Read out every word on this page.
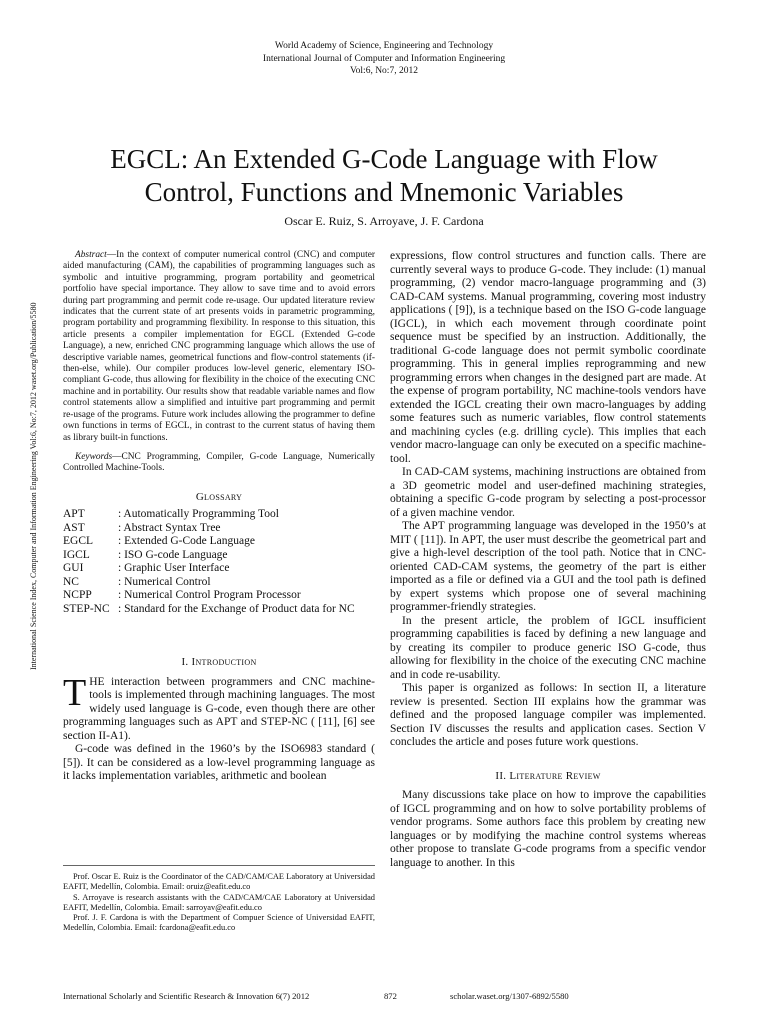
World Academy of Science, Engineering and Technology
International Journal of Computer and Information Engineering
Vol:6, No:7, 2012
EGCL: An Extended G-Code Language with Flow
Control, Functions and Mnemonic Variables
Oscar E. Ruiz, S. Arroyave, J. F. Cardona
International Science Index, Computer and Information Engineering Vol:6, No:7, 2012 waset.org/Publication/5580

Abstract—In the context of computer numerical control (CNC) and computer aided manufacturing (CAM), the capabilities of programming languages such as symbolic and intuitive programming, program portability and geometrical portfolio have special importance. They allow to save time and to avoid errors during part programming and permit code re-usage. Our updated literature review indicates that the current state of art presents voids in parametric programming, program portability and programming flexibility. In response to this situation, this article presents a compiler implementation for EGCL (Extended G-code Language), a new, enriched CNC programming language which allows the use of descriptive variable names, geometrical functions and flow-control statements (if-then-else, while). Our compiler produces low-level generic, elementary ISO-compliant G-code, thus allowing for flexibility in the choice of the executing CNC machine and in portability. Our results show that readable variable names and flow control statements allow a simplified and intuitive part programming and permit re-usage of the programs. Future work includes allowing the programmer to define own functions in terms of EGCL, in contrast to the current status of having them as library built-in functions.

Keywords—CNC Programming, Compiler, G-code Language, Numerically Controlled Machine-Tools.

Glossary
APT	: Automatically Programming Tool
AST	: Abstract Syntax Tree
EGCL	: Extended G-Code Language
IGCL	: ISO G-code Language
GUI	: Graphic User Interface
NC	: Numerical Control
NCPP	: Numerical Control Program Processor
STEP-NC	: Standard for the Exchange of Product data for NC
I. Introduction

THE interaction between programmers and CNC machine-tools is implemented through machining languages. The most widely used language is G-code, even though there are other programming languages such as APT and STEP-NC ( [11], [6] see section II-A1).

G-code was defined in the 1960’s by the ISO6983 standard ( [5]). It can be considered as a low-level programming language as it lacks implementation variables, arithmetic and boolean

Prof. Oscar E. Ruiz is the Coordinator of the CAD/CAM/CAE Laboratory at Universidad EAFIT, Medellín, Colombia. Email: oruiz@eafit.edu.co

S. Arroyave is research assistants with the CAD/CAM/CAE Laboratory at Universidad EAFIT, Medellín, Colombia. Email: sarroyav@eafit.edu.co

Prof. J. F. Cardona is with the Department of Compuer Science of Universidad EAFIT, Medellín, Colombia. Email: fcardona@eafit.edu.co

expressions, flow control structures and function calls. There are currently several ways to produce G-code. They include: (1) manual programming, (2) vendor macro-language programming and (3) CAD-CAM systems. Manual programming, covering most industry applications ( [9]), is a technique based on the ISO G-code language (IGCL), in which each movement through coordinate point sequence must be specified by an instruction. Additionally, the traditional G-code language does not permit symbolic coordinate programming. This in general implies reprogramming and new programming errors when changes in the designed part are made. At the expense of program portability, NC machine-tools vendors have extended the IGCL creating their own macro-languages by adding some features such as numeric variables, flow control statements and machining cycles (e.g. drilling cycle). This implies that each vendor macro-language can only be executed on a specific machine-tool.

In CAD-CAM systems, machining instructions are obtained from a 3D geometric model and user-defined machining strategies, obtaining a specific G-code program by selecting a post-processor of a given machine vendor.

The APT programming language was developed in the 1950’s at MIT ( [11]). In APT, the user must describe the geometrical part and give a high-level description of the tool path. Notice that in CNC-oriented CAD-CAM systems, the geometry of the part is either imported as a file or defined via a GUI and the tool path is defined by expert systems which propose one of several machining programmer-friendly strategies.

In the present article, the problem of IGCL insufficient programming capabilities is faced by defining a new language and by creating its compiler to produce generic ISO G-code, thus allowing for flexibility in the choice of the executing CNC machine and in code re-usability.

This paper is organized as follows: In section II, a literature review is presented. Section III explains how the grammar was defined and the proposed language compiler was implemented. Section IV discusses the results and application cases. Section V concludes the article and poses future work questions.

II. Literature Review

Many discussions take place on how to improve the capabilities of IGCL programming and on how to solve portability problems of vendor programs. Some authors face this problem by creating new languages or by modifying the machine control systems whereas other propose to translate G-code programs from a specific vendor language to another. In this

International Scholarly and Scientific Research & Innovation 6(7) 2012	872	scholar.waset.org/1307-6892/5580
